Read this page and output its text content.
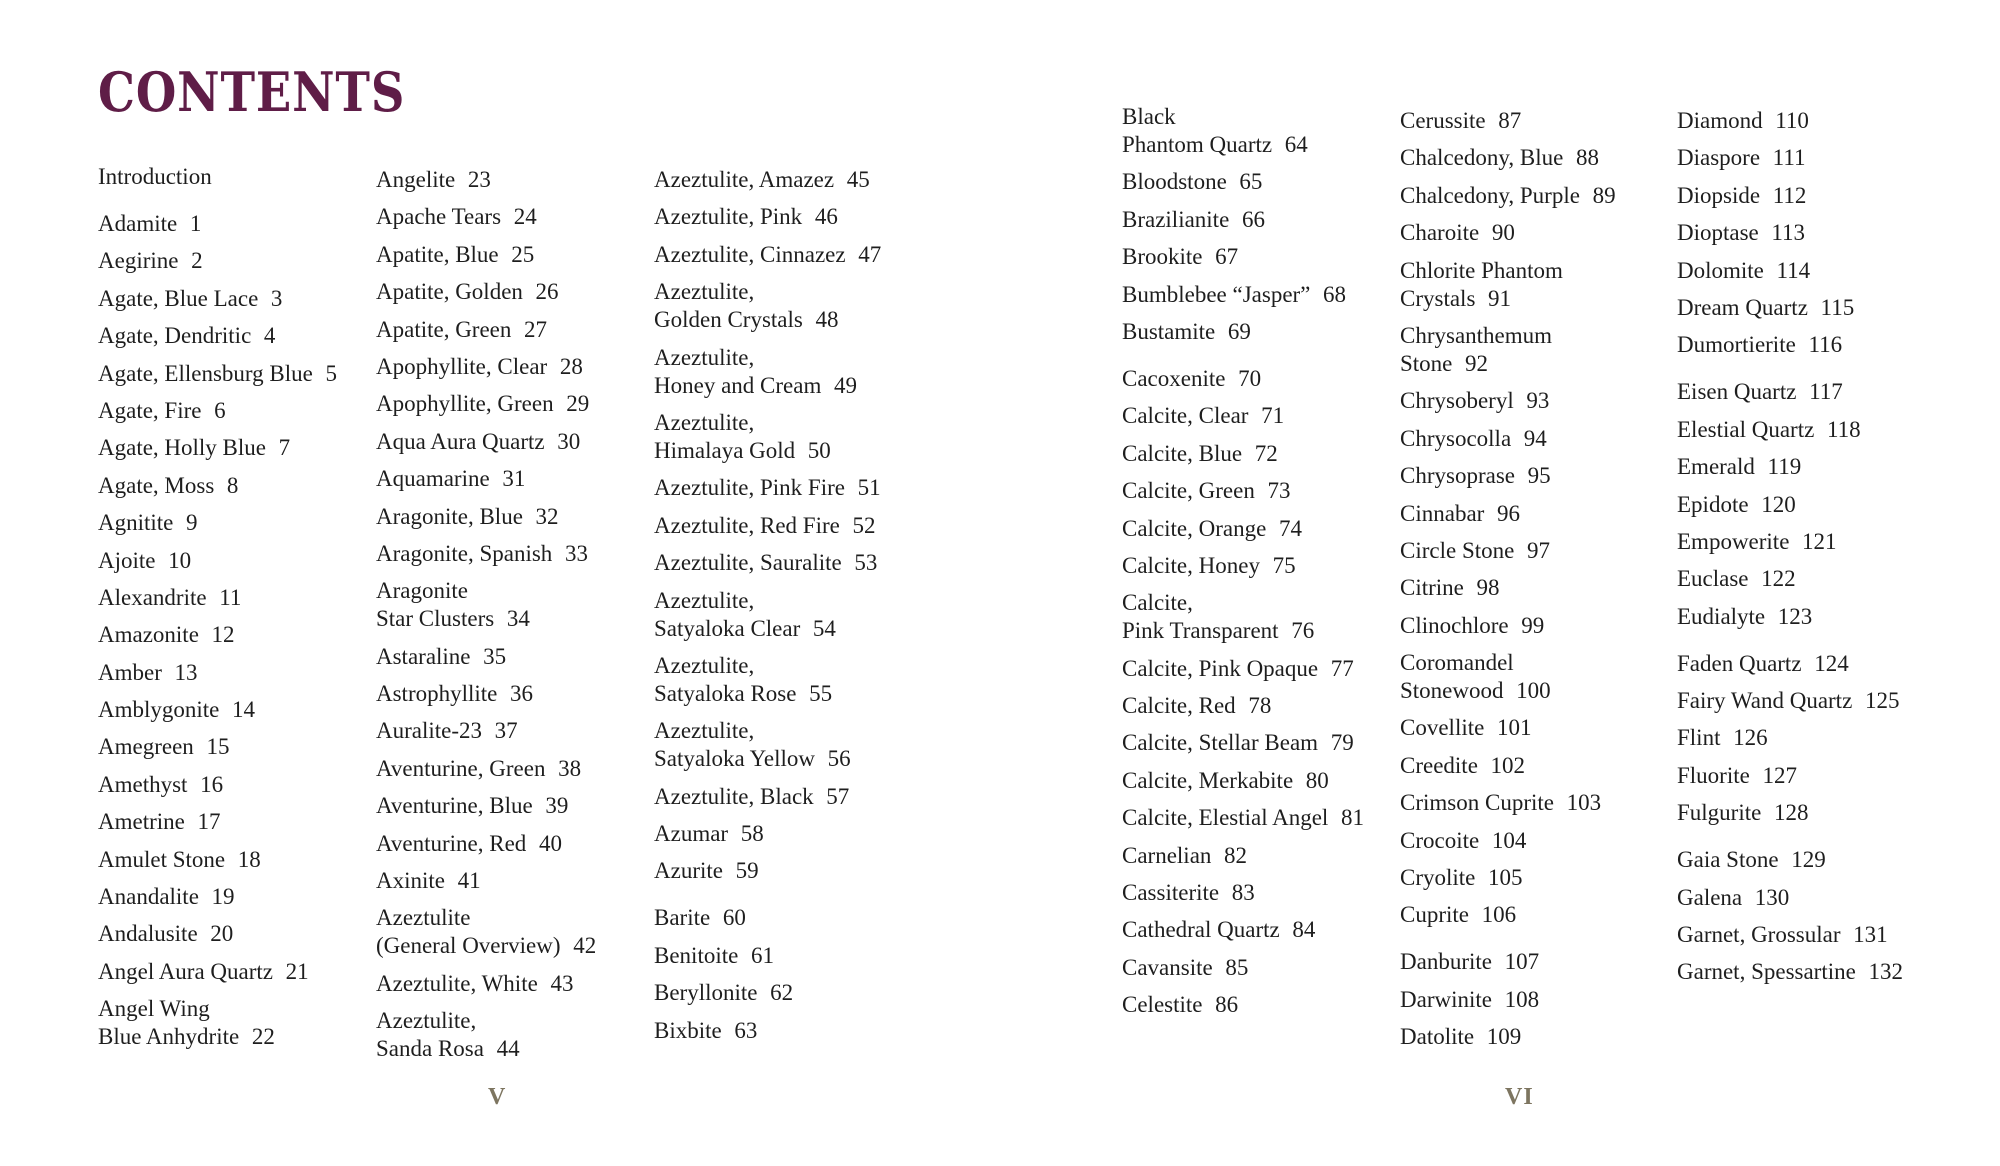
CONTENTS
Introduction
Adamite 1
Aegirine 2
Agate, Blue Lace 3
Agate, Dendritic 4
Agate, Ellensburg Blue 5
Agate, Fire 6
Agate, Holly Blue 7
Agate, Moss 8
Agnitite 9
Ajoite 10
Alexandrite 11
Amazonite 12
Amber 13
Amblygonite 14
Amegreen 15
Amethyst 16
Ametrine 17
Amulet Stone 18
Anandalite 19
Andalusite 20
Angel Aura Quartz 21
Angel Wing
Blue Anhydrite 22
Angelite 23
Apache Tears 24
Apatite, Blue 25
Apatite, Golden 26
Apatite, Green 27
Apophyllite, Clear 28
Apophyllite, Green 29
Aqua Aura Quartz 30
Aquamarine 31
Aragonite, Blue 32
Aragonite, Spanish 33
Aragonite
Star Clusters 34
Astaraline 35
Astrophyllite 36
Auralite-23 37
Aventurine, Green 38
Aventurine, Blue 39
Aventurine, Red 40
Axinite 41
Azeztulite
(General Overview) 42
Azeztulite, White 43
Azeztulite,
Sanda Rosa 44
Azeztulite, Amazez 45
Azeztulite, Pink 46
Azeztulite, Cinnazez 47
Azeztulite,
Golden Crystals 48
Azeztulite,
Honey and Cream 49
Azeztulite,
Himalaya Gold 50
Azeztulite, Pink Fire 51
Azeztulite, Red Fire 52
Azeztulite, Sauralite 53
Azeztulite,
Satyaloka Clear 54
Azeztulite,
Satyaloka Rose 55
Azeztulite,
Satyaloka Yellow 56
Azeztulite, Black 57
Azumar 58
Azurite 59
Barite 60
Benitoite 61
Beryllonite 62
Bixbite 63
Black
Phantom Quartz 64
Bloodstone 65
Brazilianite 66
Brookite 67
Bumblebee “Jasper” 68
Bustamite 69
Cacoxenite 70
Calcite, Clear 71
Calcite, Blue 72
Calcite, Green 73
Calcite, Orange 74
Calcite, Honey 75
Calcite,
Pink Transparent 76
Calcite, Pink Opaque 77
Calcite, Red 78
Calcite, Stellar Beam 79
Calcite, Merkabite 80
Calcite, Elestial Angel 81
Carnelian 82
Cassiterite 83
Cathedral Quartz 84
Cavansite 85
Celestite 86
Cerussite 87
Chalcedony, Blue 88
Chalcedony, Purple 89
Charoite 90
Chlorite Phantom
Crystals 91
Chrysanthemum
Stone 92
Chrysoberyl 93
Chrysocolla 94
Chrysoprase 95
Cinnabar 96
Circle Stone 97
Citrine 98
Clinochlore 99
Coromandel
Stonewood 100
Covellite 101
Creedite 102
Crimson Cuprite 103
Crocoite 104
Cryolite 105
Cuprite 106
Danburite 107
Darwinite 108
Datolite 109
Diamond 110
Diaspore 111
Diopside 112
Dioptase 113
Dolomite 114
Dream Quartz 115
Dumortierite 116
Eisen Quartz 117
Elestial Quartz 118
Emerald 119
Epidote 120
Empowerite 121
Euclase 122
Eudialyte 123
Faden Quartz 124
Fairy Wand Quartz 125
Flint 126
Fluorite 127
Fulgurite 128
Gaia Stone 129
Galena 130
Garnet, Grossular 131
Garnet, Spessartine 132
V	VI
